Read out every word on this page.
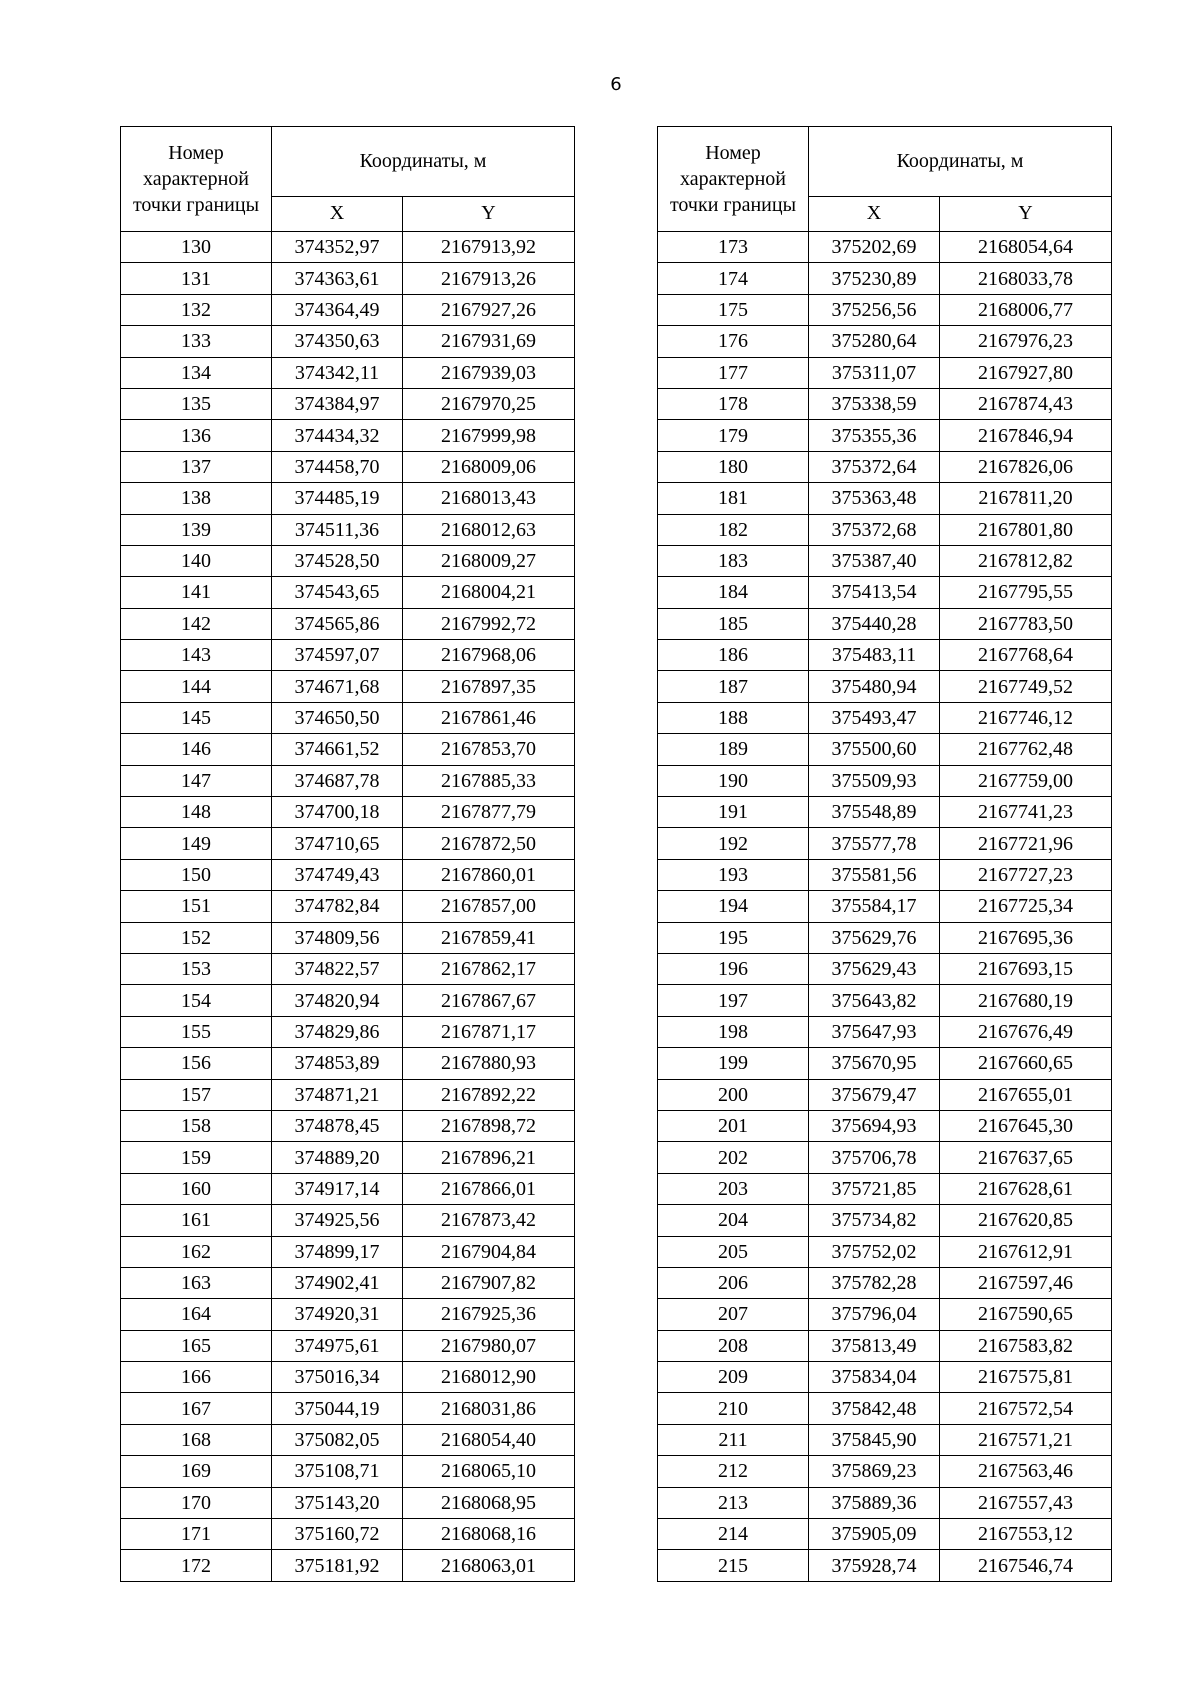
6
Номер характерной точки границы	Координаты, м	
	X	Y
130	374352,97	2167913,92
131	374363,61	2167913,26
132	374364,49	2167927,26
133	374350,63	2167931,69
134	374342,11	2167939,03
135	374384,97	2167970,25
136	374434,32	2167999,98
137	374458,70	2168009,06
138	374485,19	2168013,43
139	374511,36	2168012,63
140	374528,50	2168009,27
141	374543,65	2168004,21
142	374565,86	2167992,72
143	374597,07	2167968,06
144	374671,68	2167897,35
145	374650,50	2167861,46
146	374661,52	2167853,70
147	374687,78	2167885,33
148	374700,18	2167877,79
149	374710,65	2167872,50
150	374749,43	2167860,01
151	374782,84	2167857,00
152	374809,56	2167859,41
153	374822,57	2167862,17
154	374820,94	2167867,67
155	374829,86	2167871,17
156	374853,89	2167880,93
157	374871,21	2167892,22
158	374878,45	2167898,72
159	374889,20	2167896,21
160	374917,14	2167866,01
161	374925,56	2167873,42
162	374899,17	2167904,84
163	374902,41	2167907,82
164	374920,31	2167925,36
165	374975,61	2167980,07
166	375016,34	2168012,90
167	375044,19	2168031,86
168	375082,05	2168054,40
169	375108,71	2168065,10
170	375143,20	2168068,95
171	375160,72	2168068,16
172	375181,92	2168063,01
Номер характерной точки границы	Координаты, м	
	X	Y
173	375202,69	2168054,64
174	375230,89	2168033,78
175	375256,56	2168006,77
176	375280,64	2167976,23
177	375311,07	2167927,80
178	375338,59	2167874,43
179	375355,36	2167846,94
180	375372,64	2167826,06
181	375363,48	2167811,20
182	375372,68	2167801,80
183	375387,40	2167812,82
184	375413,54	2167795,55
185	375440,28	2167783,50
186	375483,11	2167768,64
187	375480,94	2167749,52
188	375493,47	2167746,12
189	375500,60	2167762,48
190	375509,93	2167759,00
191	375548,89	2167741,23
192	375577,78	2167721,96
193	375581,56	2167727,23
194	375584,17	2167725,34
195	375629,76	2167695,36
196	375629,43	2167693,15
197	375643,82	2167680,19
198	375647,93	2167676,49
199	375670,95	2167660,65
200	375679,47	2167655,01
201	375694,93	2167645,30
202	375706,78	2167637,65
203	375721,85	2167628,61
204	375734,82	2167620,85
205	375752,02	2167612,91
206	375782,28	2167597,46
207	375796,04	2167590,65
208	375813,49	2167583,82
209	375834,04	2167575,81
210	375842,48	2167572,54
211	375845,90	2167571,21
212	375869,23	2167563,46
213	375889,36	2167557,43
214	375905,09	2167553,12
215	375928,74	2167546,74
